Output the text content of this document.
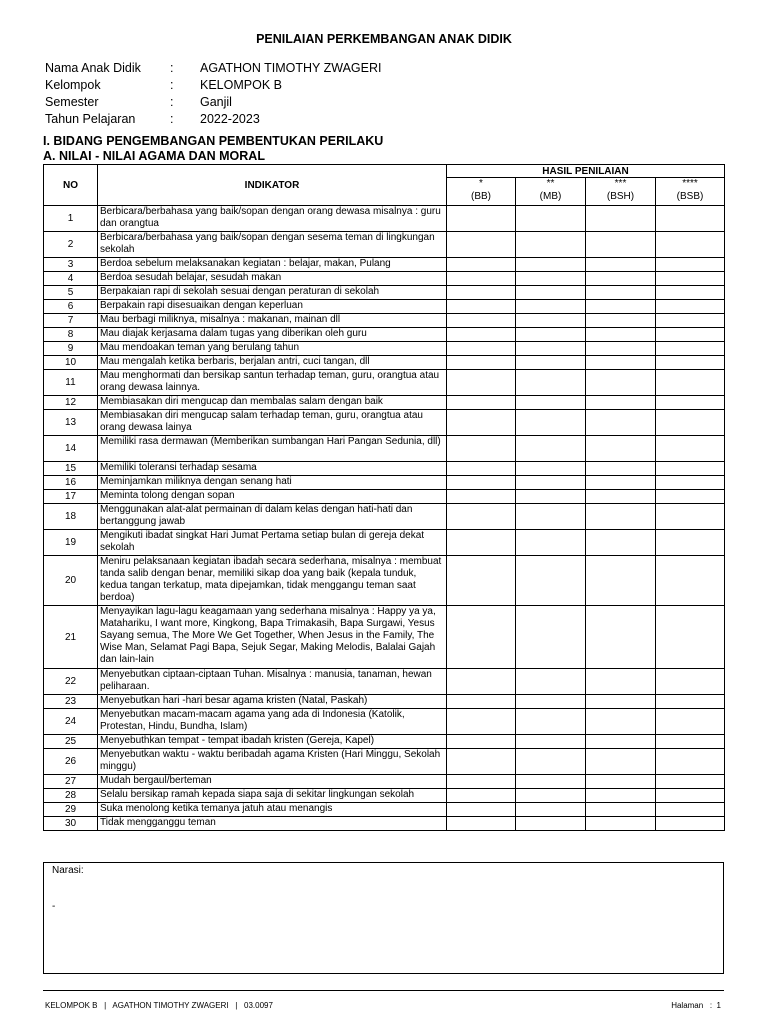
PENILAIAN PERKEMBANGAN ANAK DIDIK
Nama Anak Didik	:	AGATHON TIMOTHY ZWAGERI
Kelompok	:	KELOMPOK B
Semester	:	Ganjil
Tahun Pelajaran	:	2022-2023
I. BIDANG PENGEMBANGAN PEMBENTUKAN PERILAKU
A. NILAI - NILAI AGAMA DAN MORAL
NO	INDIKATOR	HASIL PENILAIAN			
		*	**	***	****
		(BB)	(MB)	(BSH)	(BSB)
1	Berbicara/berbahasa yang baik/sopan dengan orang dewasa misalnya : guru dan orangtua				
2	Berbicara/berbahasa yang baik/sopan dengan sesema teman di lingkungan sekolah				
3	Berdoa sebelum melaksanakan kegiatan : belajar, makan, Pulang				
4	Berdoa sesudah belajar, sesudah makan				
5	Berpakaian rapi di sekolah sesuai dengan peraturan di sekolah				
6	Berpakain rapi disesuaikan dengan keperluan				
7	Mau berbagi miliknya, misalnya : makanan, mainan dll				
8	Mau diajak kerjasama dalam tugas yang diberikan oleh guru				
9	Mau mendoakan teman yang berulang tahun				
10	Mau mengalah ketika berbaris, berjalan antri, cuci tangan, dll				
11	Mau menghormati dan bersikap santun terhadap teman, guru, orangtua atau orang dewasa lainnya.				
12	Membiasakan diri mengucap dan membalas salam dengan baik				
13	Membiasakan diri mengucap salam terhadap teman, guru, orangtua atau orang dewasa lainya				
14	Memiliki rasa dermawan (Memberikan sumbangan Hari Pangan Sedunia, dll)				
15	Memiliki toleransi terhadap sesama				
16	Meminjamkan miliknya dengan senang hati				
17	Meminta tolong dengan sopan				
18	Menggunakan alat-alat permainan di dalam kelas dengan hati-hati dan bertanggung jawab				
19	Mengikuti ibadat singkat Hari Jumat Pertama setiap bulan di gereja dekat sekolah				
20	Meniru pelaksanaan kegiatan ibadah secara sederhana, misalnya : membuat tanda salib dengan benar, memiliki sikap doa yang baik (kepala tunduk, kedua tangan terkatup, mata dipejamkan, tidak menggangu teman saat berdoa)				
21	Menyayikan lagu-lagu keagamaan yang sederhana misalnya : Happy ya ya, Matahariku, I want more, Kingkong, Bapa Trimakasih, Bapa Surgawi, Yesus Sayang semua, The More We Get Together, When Jesus in the Family, The Wise Man, Selamat Pagi Bapa, Sejuk Segar, Making Melodis, Balalai Gajah dan lain-lain				
22	Menyebutkan ciptaan-ciptaan Tuhan. Misalnya : manusia, tanaman, hewan peliharaan.				
23	Menyebutkan hari -hari besar agama kristen (Natal, Paskah)				
24	Menyebutkan macam-macam agama yang ada di Indonesia (Katolik, Protestan, Hindu, Bundha, Islam)				
25	Menyebuthkan tempat - tempat ibadah kristen (Gereja, Kapel)				
26	Menyebutkan waktu - waktu beribadah agama Kristen (Hari Minggu, Sekolah minggu)				
27	Mudah bergaul/berteman				
28	Selalu bersikap ramah kepada siapa saja di sekitar lingkungan sekolah				
29	Suka menolong ketika temanya jatuh atau menangis				
30	Tidak mengganggu teman				
Narasi:
-
KELOMPOK B   |   AGATHON TIMOTHY ZWAGERI   |   03.0097	Halaman   :  1
